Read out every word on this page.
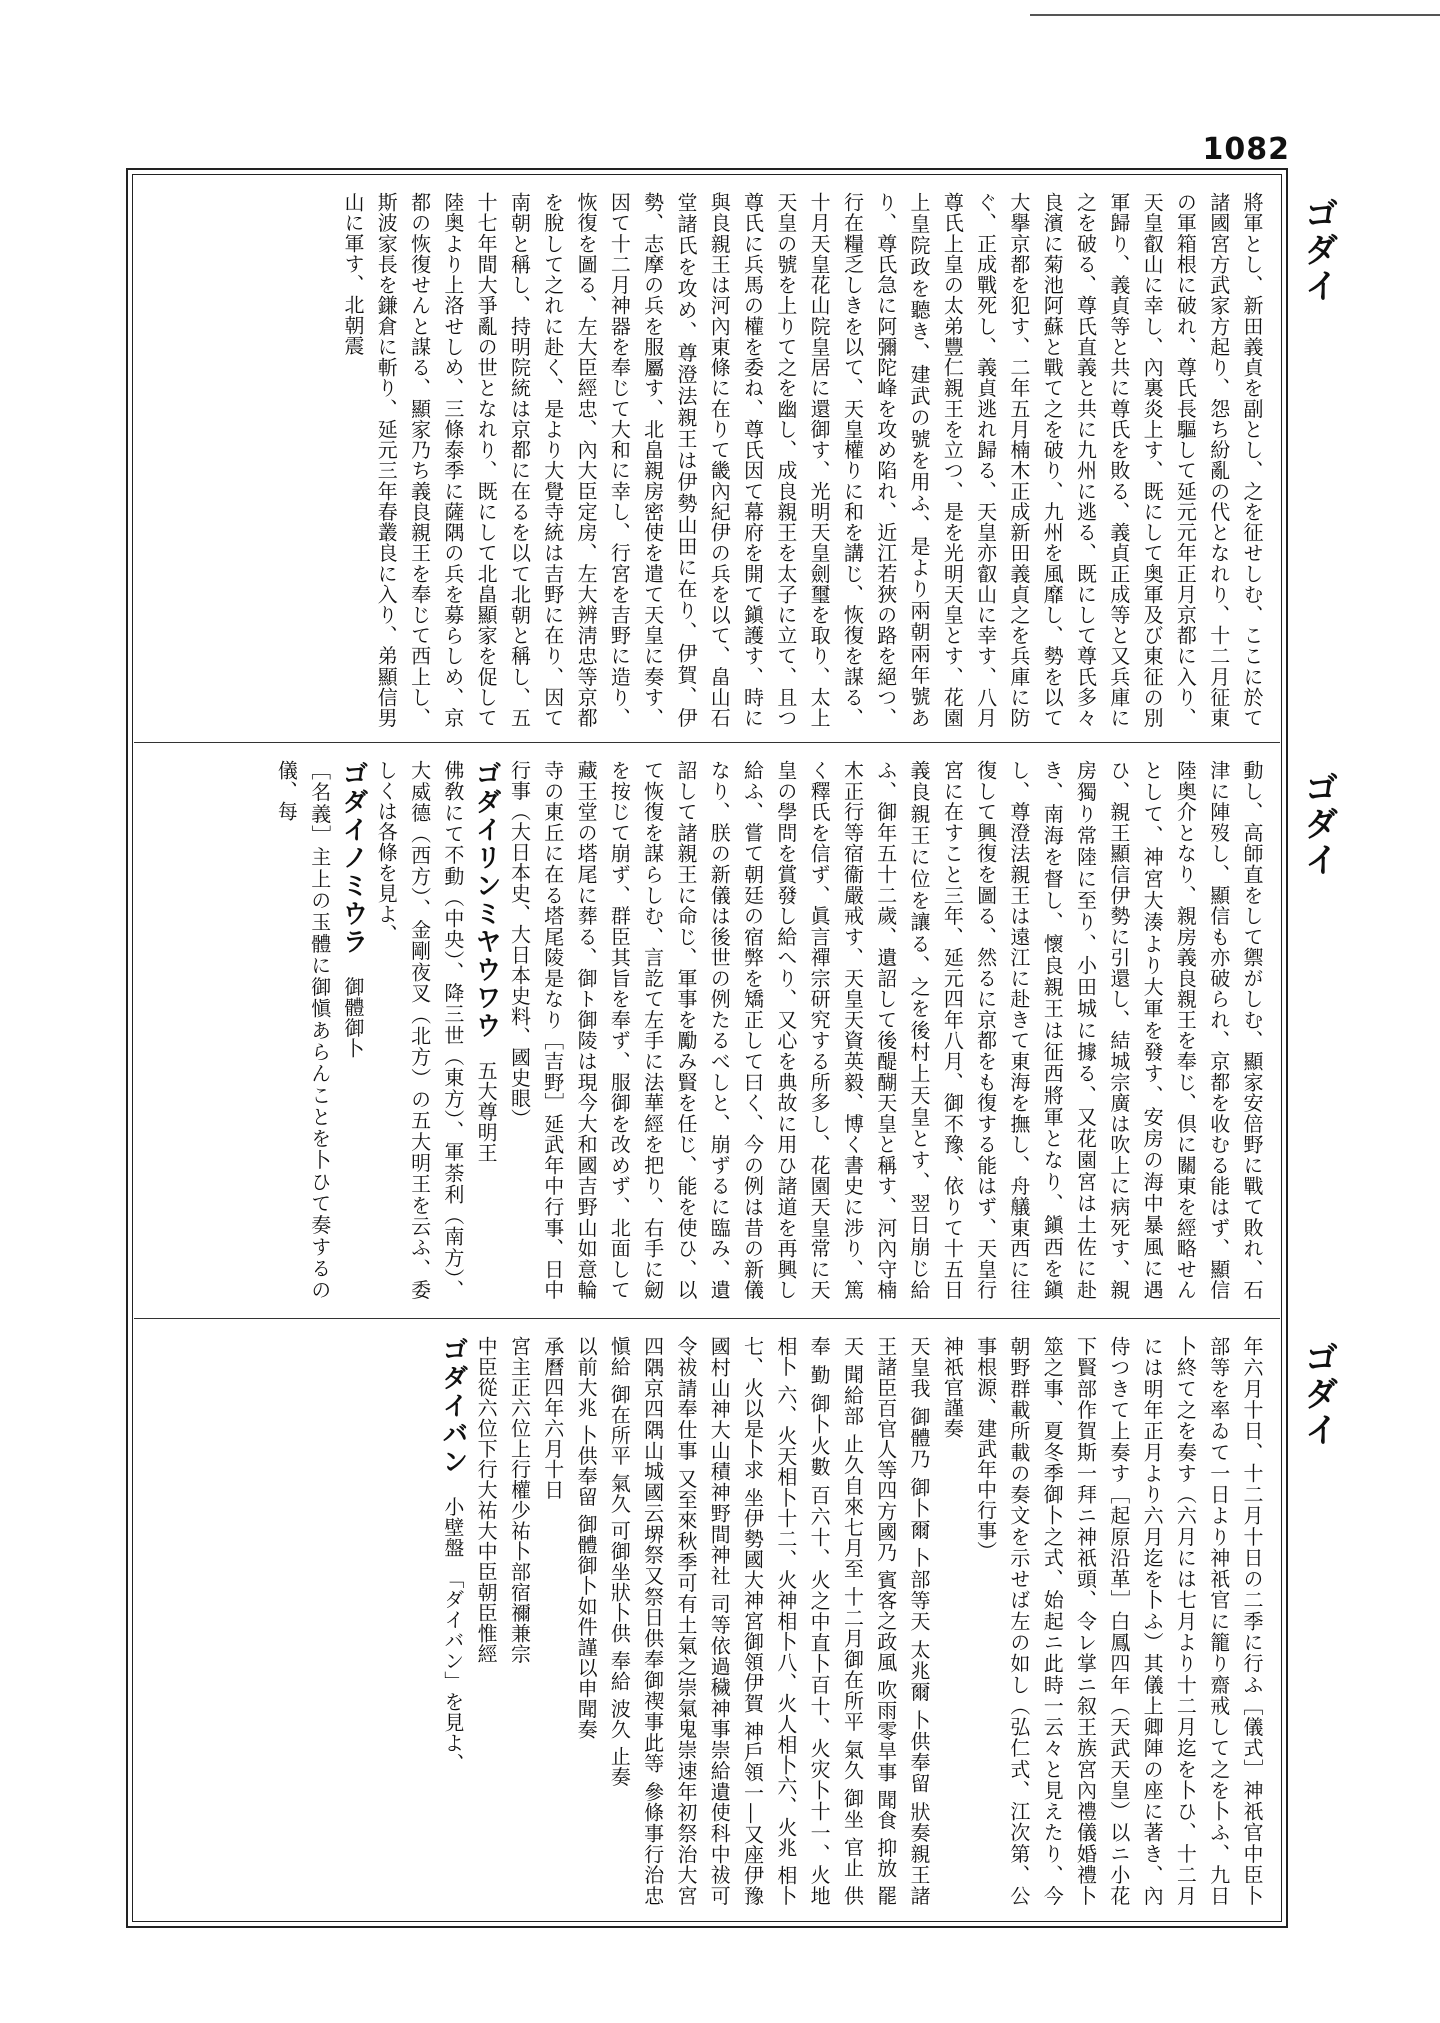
1082
ゴダイ
ゴダイ
ゴダイ
將軍とし、新田義貞を副とし、之を征せしむ、ここに於て諸國宮方武家方起り、怨ち紛亂の代となれり、十二月征東の軍箱根に破れ、尊氏長驅して延元元年正月京都に入り、天皇叡山に幸し、內裏炎上す、既にして奥軍及び東征の別軍歸り、義貞等と共に尊氏を敗る、義貞正成等と又兵庫に之を破る、尊氏直義と共に九州に逃る、既にして尊氏多々良濱に菊池阿蘇と戰て之を破り、九州を風靡し、勢を以て大擧京都を犯す、二年五月楠木正成新田義貞之を兵庫に防ぐ、正成戰死し、義貞逃れ歸る、天皇亦叡山に幸す、八月尊氏上皇の太弟豐仁親王を立つ、是を光明天皇とす、花園上皇院政を聽き、建武の號を用ふ、是より兩朝兩年號あり、尊氏急に阿彌陀峰を攻め陷れ、近江若狹の路を絕つ、行在糧乏しきを以て、天皇權りに和を講じ、恢復を謀る、十月天皇花山院皇居に還御す、光明天皇劍璽を取り、太上天皇の號を上りて之を幽し、成良親王を太子に立て、且つ尊氏に兵馬の權を委ね、尊氏因て幕府を開て鎭護す、時に與良親王は河內東條に在りて畿內紀伊の兵を以て、畠山石堂諸氏を攻め、尊澄法親王は伊勢山田に在り、伊賀、伊勢、志摩の兵を服屬す、北畠親房密使を遣て天皇に奏す、因て十二月神器を奉じて大和に幸し、行宮を吉野に造り、恢復を圖る、左大臣經忠、內大臣定房、左大辨淸忠等京都を脫して之れに赴く、是より大覺寺統は吉野に在り、因て南朝と稱し、持明院統は京都に在るを以て北朝と稱し、五十七年間大爭亂の世となれり、既にして北畠顯家を促して陸奥より上洛せしめ、三條泰季に薩隅の兵を募らしめ、京都の恢復せんと謀る、顯家乃ち義良親王を奉じて西上し、斯波家長を鎌倉に斬り、延元三年春叢良に入り、弟顯信男山に軍す、北朝震
動し、高師直をして禦がしむ、顯家安倍野に戰て敗れ、石津に陣歿し、顯信も亦破られ、京都を收むる能はず、顯信陸奥介となり、親房義良親王を奉じ、倶に關東を經略せんとして、神宮大湊より大軍を發す、安房の海中暴風に遇ひ、親王顯信伊勢に引還し、結城宗廣は吹上に病死す、親房獨り常陸に至り、小田城に據る、又花園宮は土佐に赴き、南海を督し、懷良親王は征西將軍となり、鎭西を鎭し、尊澄法親王は遠江に赴きて東海を撫し、舟艤東西に往復して興復を圖る、然るに京都をも復する能はず、天皇行宮に在すこと三年、延元四年八月、御不豫、依りて十五日義良親王に位を讓る、之を後村上天皇とす、翌日崩じ給ふ、御年五十二歲、遺詔して後醍醐天皇と稱す、河內守楠木正行等宿衞嚴戒す、天皇天資英毅、博く書史に涉り、篤く釋氏を信ず、眞言禪宗研究する所多し、花園天皇常に天皇の學問を賞發し給へり、又心を典故に用ひ諸道を再興し給ふ、嘗て朝廷の宿弊を矯正して曰く、今の例は昔の新儀なり、朕の新儀は後世の例たるべしと、崩ずるに臨み、遺詔して諸親王に命じ、軍事を勵み賢を任じ、能を使ひ、以て恢復を謀らしむ、言訖て左手に法華經を把り、右手に劒を按じて崩ず、群臣其旨を奉ず、服御を改めず、北面して藏王堂の塔尾に葬る、御ト御陵は現今大和國吉野山如意輪寺の東丘に在る塔尾陵是なり［吉野］延武年中行事、日中行事（大日本史、大日本史料、國史眼）
ゴダイリンミヤウワウ　五大尊明王
佛敎にて不動（中央）、降三世（東方）、軍荼利（南方）、大威德（西方）、金剛夜叉（北方）の五大明王を云ふ、委しくは各條を見よ、
ゴダイノミウラ　御體御卜
［名義］主上の玉體に御愼あらんことを卜ひて奏するの儀、每
年六月十日、十二月十日の二季に行ふ［儀式］神祇官中臣卜部等を率ゐて一日より神祇官に籠り齋戒して之を卜ふ、九日卜終て之を奏す（六月には七月より十二月迄を卜ひ、十二月には明年正月より六月迄を卜ふ）其儀上卿陣の座に著き、內侍つきて上奏す［起原沿革］白鳳四年（天武天皇）以ニ小花下賢部作賀斯一拜ニ神祇頭、令レ掌ニ叙王族宮內禮儀婚禮卜筮之事、夏冬季御卜之式、始起ニ此時一云々と見えたり、今朝野群載所載の奏文を示せば左の如し（弘仁式、江次第、公事根源、建武年中行事）
神祇官謹奏
天皇我 御體乃 御卜爾 卜部等天 太兆爾 卜供奉留 狀奏親王諸王諸臣百官人等四方國乃 賓客之政風 吹雨零旱事 聞食 抑放 罷天 聞給部 止久自來七月至 十二月御在所平 氣久 御坐 官止 供奉 勤 御卜火數 百六十、火之中直卜百十、火灾卜十一、火地相卜 六、火天相卜十二、火神相卜八、火人相卜六、火兆 相卜七、火以是卜求 坐伊勢國大神宮御領伊賀 神戶領一―又座伊豫國村山神大山積神野間神社 司等依過穢神事崇給遺使科中祓可令祓請奉仕事 又至來秋季可有土氣之崇氣鬼崇速年初祭治大宮 四隅京四隅山城國云堺祭又祭日供奉御禊事此等 參條事行治忠愼給 御在所平 氣久 可御坐狀卜供 奉給 波久 止奏
以前大兆 卜供奉留 御體御卜如件謹以申聞奏
承曆四年六月十日
宮主正六位上行權少祐卜部宿禰兼宗
中臣從六位下行大祐大中臣朝臣惟經
ゴダイバン　小壁盤　「ダイバン」を見よ、
